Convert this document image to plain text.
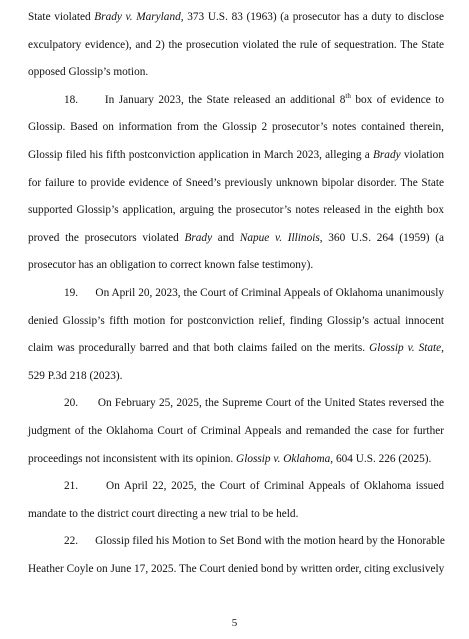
State violated Brady v. Maryland, 373 U.S. 83 (1963) (a prosecutor has a duty to disclose
exculpatory evidence), and 2) the prosecution violated the rule of sequestration. The State
opposed Glossip’s motion.
18. In January 2023, the State released an additional 8th box of evidence to
Glossip. Based on information from the Glossip 2 prosecutor’s notes contained therein,
Glossip filed his fifth postconviction application in March 2023, alleging a Brady violation
for failure to provide evidence of Sneed’s previously unknown bipolar disorder. The State
supported Glossip’s application, arguing the prosecutor’s notes released in the eighth box
proved the prosecutors violated Brady and Napue v. Illinois, 360 U.S. 264 (1959) (a
prosecutor has an obligation to correct known false testimony).
19. On April 20, 2023, the Court of Criminal Appeals of Oklahoma unanimously
denied Glossip’s fifth motion for postconviction relief, finding Glossip’s actual innocent
claim was procedurally barred and that both claims failed on the merits. Glossip v. State,
529 P.3d 218 (2023).
20. On February 25, 2025, the Supreme Court of the United States reversed the
judgment of the Oklahoma Court of Criminal Appeals and remanded the case for further
proceedings not inconsistent with its opinion. Glossip v. Oklahoma, 604 U.S. 226 (2025).
21. On April 22, 2025, the Court of Criminal Appeals of Oklahoma issued
mandate to the district court directing a new trial to be held.
22. Glossip filed his Motion to Set Bond with the motion heard by the Honorable
Heather Coyle on June 17, 2025. The Court denied bond by written order, citing exclusively
5
